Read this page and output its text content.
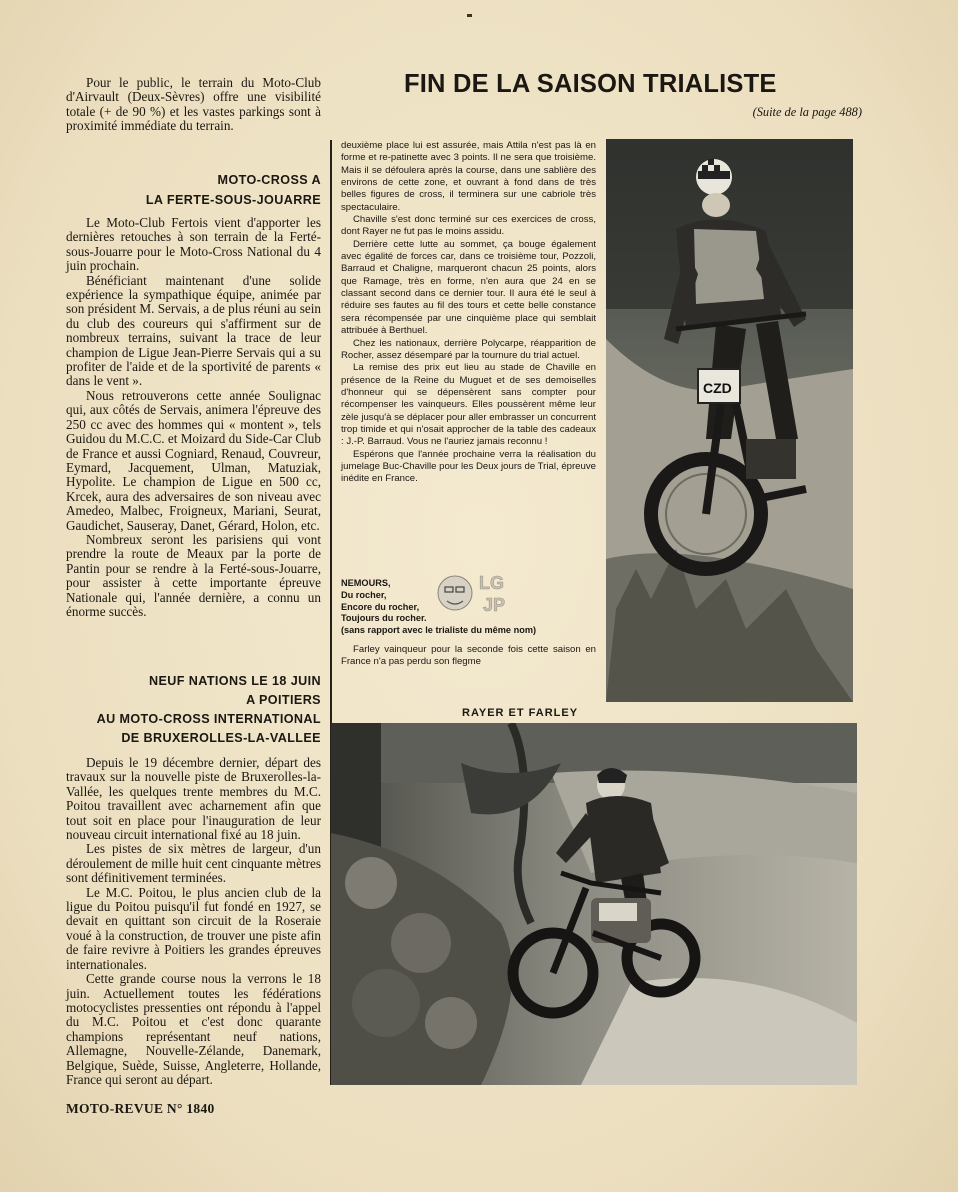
Pour le public, le terrain du Moto-Club d'Airvault (Deux-Sèvres) offre une visibilité totale (+ de 90 %) et les vastes parkings sont à proximité immédiate du terrain.

MOTO-CROSS A
LA FERTE-SOUS-JOUARRE

Le Moto-Club Fertois vient d'apporter les dernières retouches à son terrain de la Ferté-sous-Jouarre pour le Moto-Cross National du 4 juin prochain.

Bénéficiant maintenant d'une solide expérience la sympathique équipe, animée par son président M. Servais, a de plus réuni au sein du club des coureurs qui s'affirment sur de nombreux terrains, suivant la trace de leur champion de Ligue Jean-Pierre Servais qui a su profiter de l'aide et de la sportivité de parents « dans le vent ».

Nous retrouverons cette année Soulignac qui, aux côtés de Servais, animera l'épreuve des 250 cc avec des hommes qui « montent », tels Guidou du M.C.C. et Moizard du Side-Car Club de France et aussi Cogniard, Renaud, Couvreur, Eymard, Jacquement, Ulman, Matuziak, Hypolite. Le champion de Ligue en 500 cc, Krcek, aura des adversaires de son niveau avec Amedeo, Malbec, Froigneux, Mariani, Seurat, Gaudichet, Sauseray, Danet, Gérard, Holon, etc.

Nombreux seront les parisiens qui vont prendre la route de Meaux par la porte de Pantin pour se rendre à la Ferté-sous-Jouarre, pour assister à cette importante épreuve Nationale qui, l'année dernière, a connu un énorme succès.

NEUF NATIONS LE 18 JUIN
A POITIERS
AU MOTO-CROSS INTERNATIONAL
DE BRUXEROLLES-LA-VALLEE

Depuis le 19 décembre dernier, départ des travaux sur la nouvelle piste de Bruxerolles-la-Vallée, les quelques trente membres du M.C. Poitou travaillent avec acharnement afin que tout soit en place pour l'inauguration de leur nouveau circuit international fixé au 18 juin.

Les pistes de six mètres de largeur, d'un déroulement de mille huit cent cinquante mètres sont définitivement terminées.

Le M.C. Poitou, le plus ancien club de la ligue du Poitou puisqu'il fut fondé en 1927, se devait en quittant son circuit de la Roseraie voué à la construction, de trouver une piste afin de faire revivre à Poitiers les grandes épreuves internationales.

Cette grande course nous la verrons le 18 juin. Actuellement toutes les fédérations motocyclistes pressenties ont répondu à l'appel du M.C. Poitou et c'est donc quarante champions représentant neuf nations, Allemagne, Nouvelle-Zélande, Danemark, Belgique, Suède, Suisse, Angleterre, Hollande, France qui seront au départ.

FIN DE LA SAISON TRIALISTE
(Suite de la page 488)

deuxième place lui est assurée, mais Attila n'est pas là en forme et re-patinette avec 3 points. Il ne sera que troisième. Mais il se défoulera après la course, dans une sablière des environs de cette zone, et ouvrant à fond dans de très belles figures de cross, il terminera sur une cabriole très spectaculaire.

Chaville s'est donc terminé sur ces exercices de cross, dont Rayer ne fut pas le moins assidu.

Derrière cette lutte au sommet, ça bouge également avec égalité de forces car, dans ce troisième tour, Pozzoli, Barraud et Chaligne, marqueront chacun 25 points, alors que Ramage, très en forme, n'en aura que 24 en se classant second dans ce dernier tour. Il aura été le seul à réduire ses fautes au fil des tours et cette belle constance sera récompensée par une cinquième place qui semblait attribuée à Berthuel.

Chez les nationaux, derrière Polycarpe, réapparition de Rocher, assez désemparé par la tournure du trial actuel.

La remise des prix eut lieu au stade de Chaville en présence de la Reine du Muguet et de ses demoiselles d'honneur qui se dépensèrent sans compter pour récompenser les vainqueurs. Elles poussèrent même leur zèle jusqu'à se déplacer pour aller embrasser un concurrent trop timide et qui n'osait approcher de la table des cadeaux : J.-P. Barraud. Vous ne l'auriez jamais reconnu !

Espérons que l'année prochaine verra la réalisation du jumelage Buc-Chaville pour les Deux jours de Trial, épreuve inédite en France.

NEMOURS,
Du rocher,
Encore du rocher,
Toujours du rocher.
(sans rapport avec le trialiste du même nom)

Farley vainqueur pour la seconde fois cette saison en France n'a pas perdu son flegme

LG
JP
CZD
RAYER ET FARLEY
MOTO-REVUE N° 1840
